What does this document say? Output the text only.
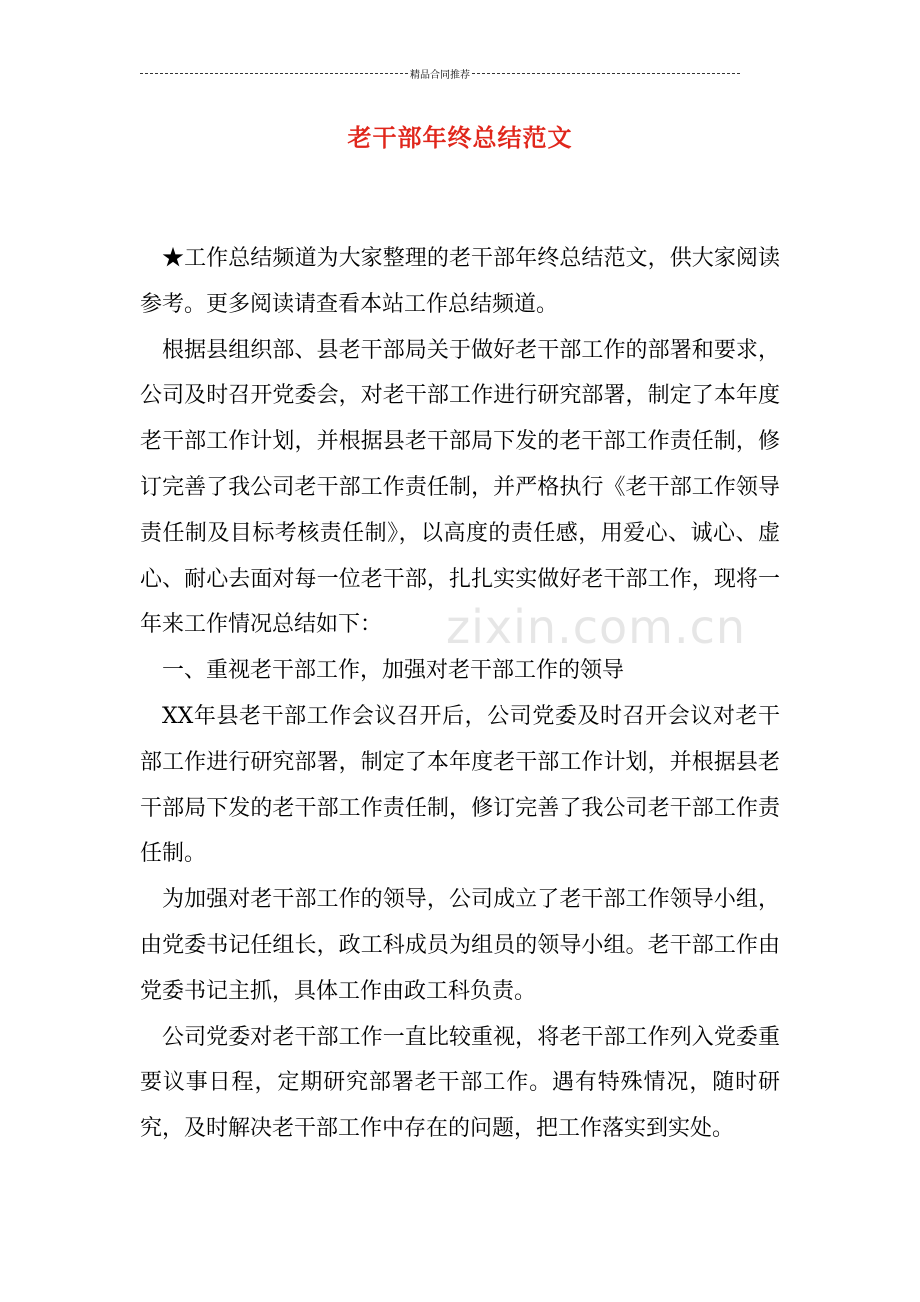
精品合同推荐
老干部年终总结范文

★工作总结频道为大家整理的老干部年终总结范文，供大家阅读参考。更多阅读请查看本站工作总结频道。

根据县组织部、县老干部局关于做好老干部工作的部署和要求，公司及时召开党委会，对老干部工作进行研究部署，制定了本年度老干部工作计划，并根据县老干部局下发的老干部工作责任制，修订完善了我公司老干部工作责任制，并严格执行《老干部工作领导责任制及目标考核责任制》，以高度的责任感，用爱心、诚心、虚心、耐心去面对每一位老干部，扎扎实实做好老干部工作，现将一年来工作情况总结如下：

一、重视老干部工作，加强对老干部工作的领导

XX年县老干部工作会议召开后，公司党委及时召开会议对老干部工作进行研究部署，制定了本年度老干部工作计划，并根据县老干部局下发的老干部工作责任制，修订完善了我公司老干部工作责任制。

为加强对老干部工作的领导，公司成立了老干部工作领导小组，由党委书记任组长，政工科成员为组员的领导小组。老干部工作由党委书记主抓，具体工作由政工科负责。

公司党委对老干部工作一直比较重视，将老干部工作列入党委重要议事日程，定期研究部署老干部工作。遇有特殊情况，随时研究，及时解决老干部工作中存在的问题，把工作落实到实处。

zixin.com.cn
